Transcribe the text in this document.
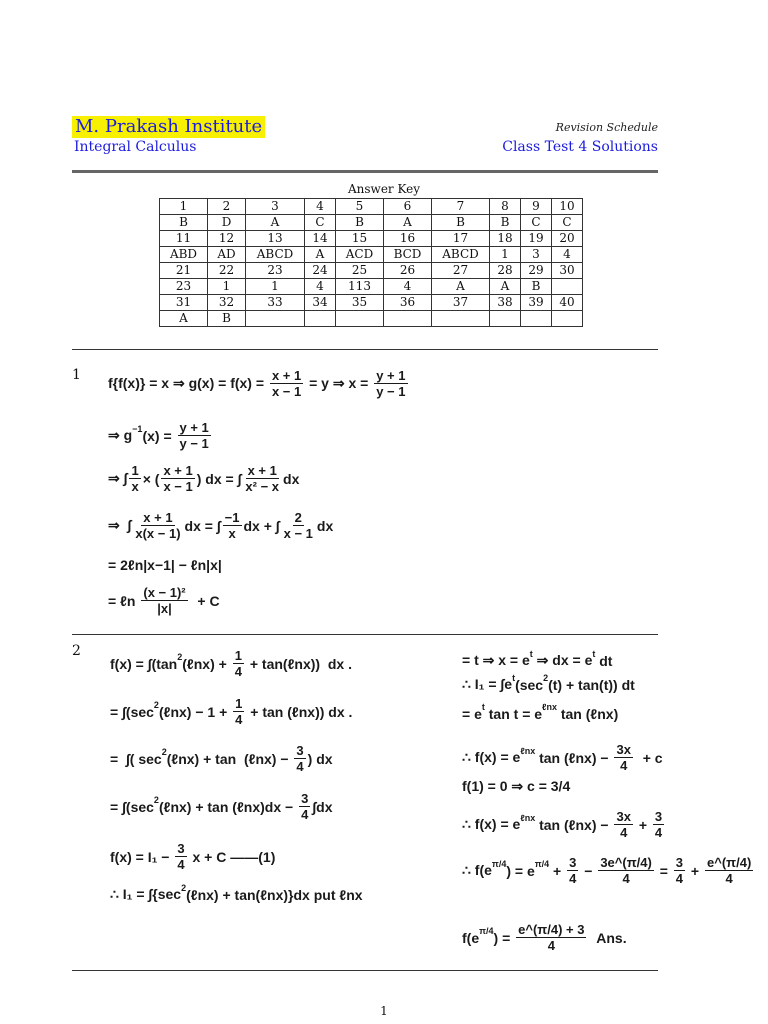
M. Prakash Institute
Integral Calculus
Revision Schedule
Class Test 4 Solutions
Answer Key
1	2	3	4	5	6	7	8	9	10
B	D	A	C	B	A	B	B	C	C
11	12	13	14	15	16	17	18	19	20
ABD	AD	ABCD	A	ACD	BCD	ABCD	1	3	4
21	22	23	24	25	26	27	28	29	30
23	1	1	4	113	4	A	A	B	
31	32	33	34	35	36	37	38	39	40
A	B								
1 f{f(x)} = x ⇒ $g(x) = f(x) = \frac{x + 1}{x - 1} = y$ ⇒ $x = \frac{y + 1}{y - 1}$
⇒ g −1 $(x) = \frac{y + 1}{y - 1}$
⇒ ∫ $\frac{1}{x}$ × ( $\frac{x + 1}{x - 1}$ ) dx = ∫ $\frac{x + 1}{\text{x² − x}}$ dx
⇒  ∫ $\frac{x + 1}{x(x - 1)}$ dx = ∫ $\frac{-1}{x}$ dx + ∫ $\frac{2}{x - 1}$ dx
= 2ℓn|x−1| − ℓn|x|
= ℓn $\frac{\text{(x − 1)²}}{|x|} + C$
2
f(x) = ∫(tan 2 (ℓnx) + $\frac{1}{4}$ + tan(ℓnx))  dx .
= ∫(sec 2 (ℓnx) − $1 + \frac{1}{4} + \tan$ (ℓnx)) dx .
=  ∫( sec 2 (ℓnx) + tan  (ℓnx) − $\frac{3}{4}$ ) dx
= ∫(sec 2 (ℓnx) + tan (ℓnx)dx − $\frac{3}{4} \int dx$
$f(x) = I_1 - \frac{3}{4}$ x + C ——(1)
∴ I₁ = ∫{sec 2 (ℓnx) + tan(ℓnx)}dx put ℓnx
= t ⇒ x = e t ⇒ dx = e t dt
∴ I₁ = ∫e t (sec 2 (t) + tan(t)) dt
= e t tan t = e ℓnx tan (ℓnx)
∴ f(x) = e ℓnx tan (ℓnx) − $\frac{3x}{4} + c$
f(1) = 0 ⇒ c = 3/4
∴ f(x) = e ℓnx tan (ℓnx) − $\frac{3x}{4} + \frac{3}{4}$
∴ f(e π/4 ) = e $\pi/4 + \frac{3}{4} - \frac{3e\^{}(\pi/4)}{4} = \frac{3}{4} + \frac{e\^{}(\pi/4)}{4}$
f(e π/4 ) = $\frac{e\^{}(\pi/4) + 3}{4}$ Ans.
1
